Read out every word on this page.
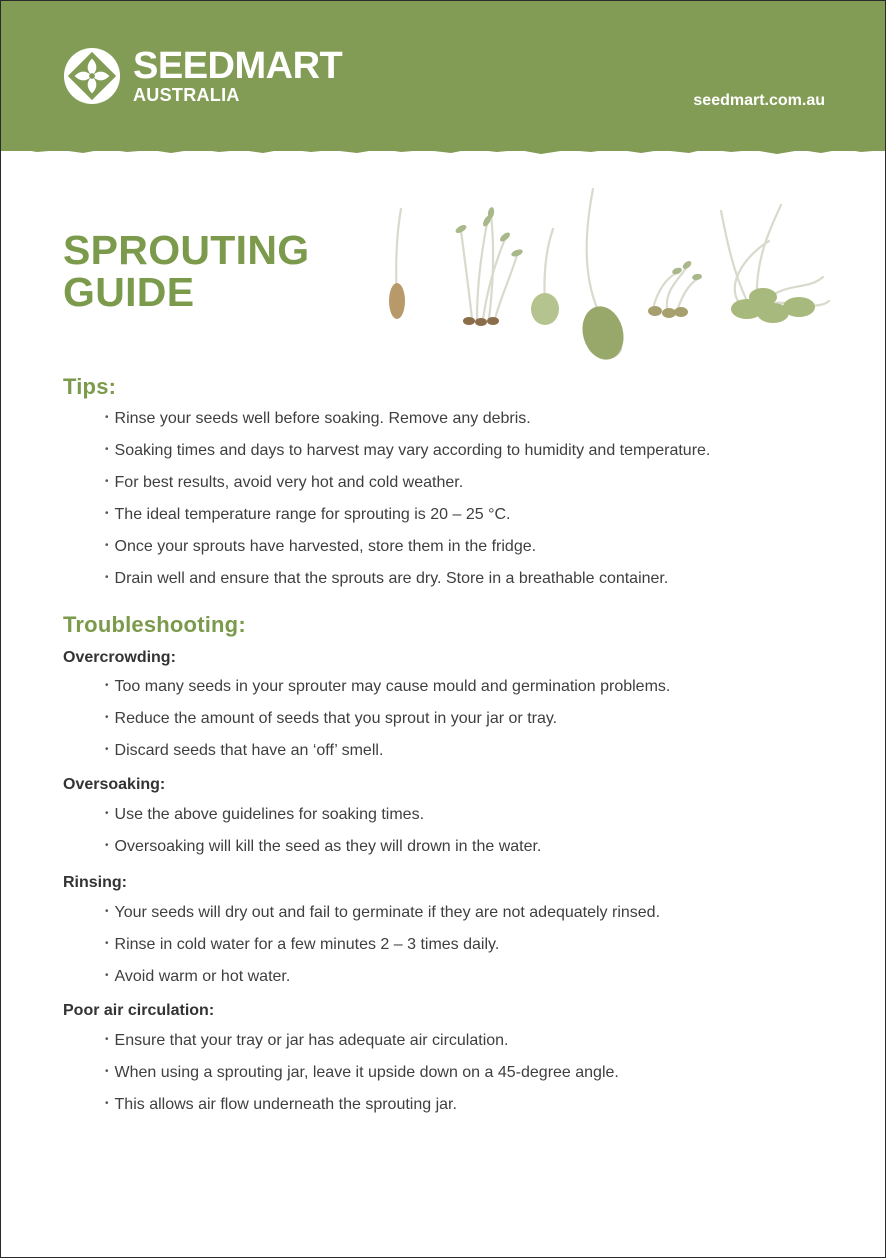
SEEDMART
AUSTRALIA	seedmart.com.au
SPROUTING
GUIDE
Tips:
• Rinse your seeds well before soaking. Remove any debris.
• Soaking times and days to harvest may vary according to humidity and temperature.
• For best results, avoid very hot and cold weather.
• The ideal temperature range for sprouting is 20 – 25 °C.
• Once your sprouts have harvested, store them in the fridge.
• Drain well and ensure that the sprouts are dry. Store in a breathable container.
Troubleshooting:
Overcrowding:
• Too many seeds in your sprouter may cause mould and germination problems.
• Reduce the amount of seeds that you sprout in your jar or tray.
• Discard seeds that have an ‘off’ smell.
Oversoaking:
• Use the above guidelines for soaking times.
• Oversoaking will kill the seed as they will drown in the water.
Rinsing:
• Your seeds will dry out and fail to germinate if they are not adequately rinsed.
• Rinse in cold water for a few minutes 2 – 3 times daily.
• Avoid warm or hot water.
Poor air circulation:
• Ensure that your tray or jar has adequate air circulation.
• When using a sprouting jar, leave it upside down on a 45-degree angle.
• This allows air flow underneath the sprouting jar.
